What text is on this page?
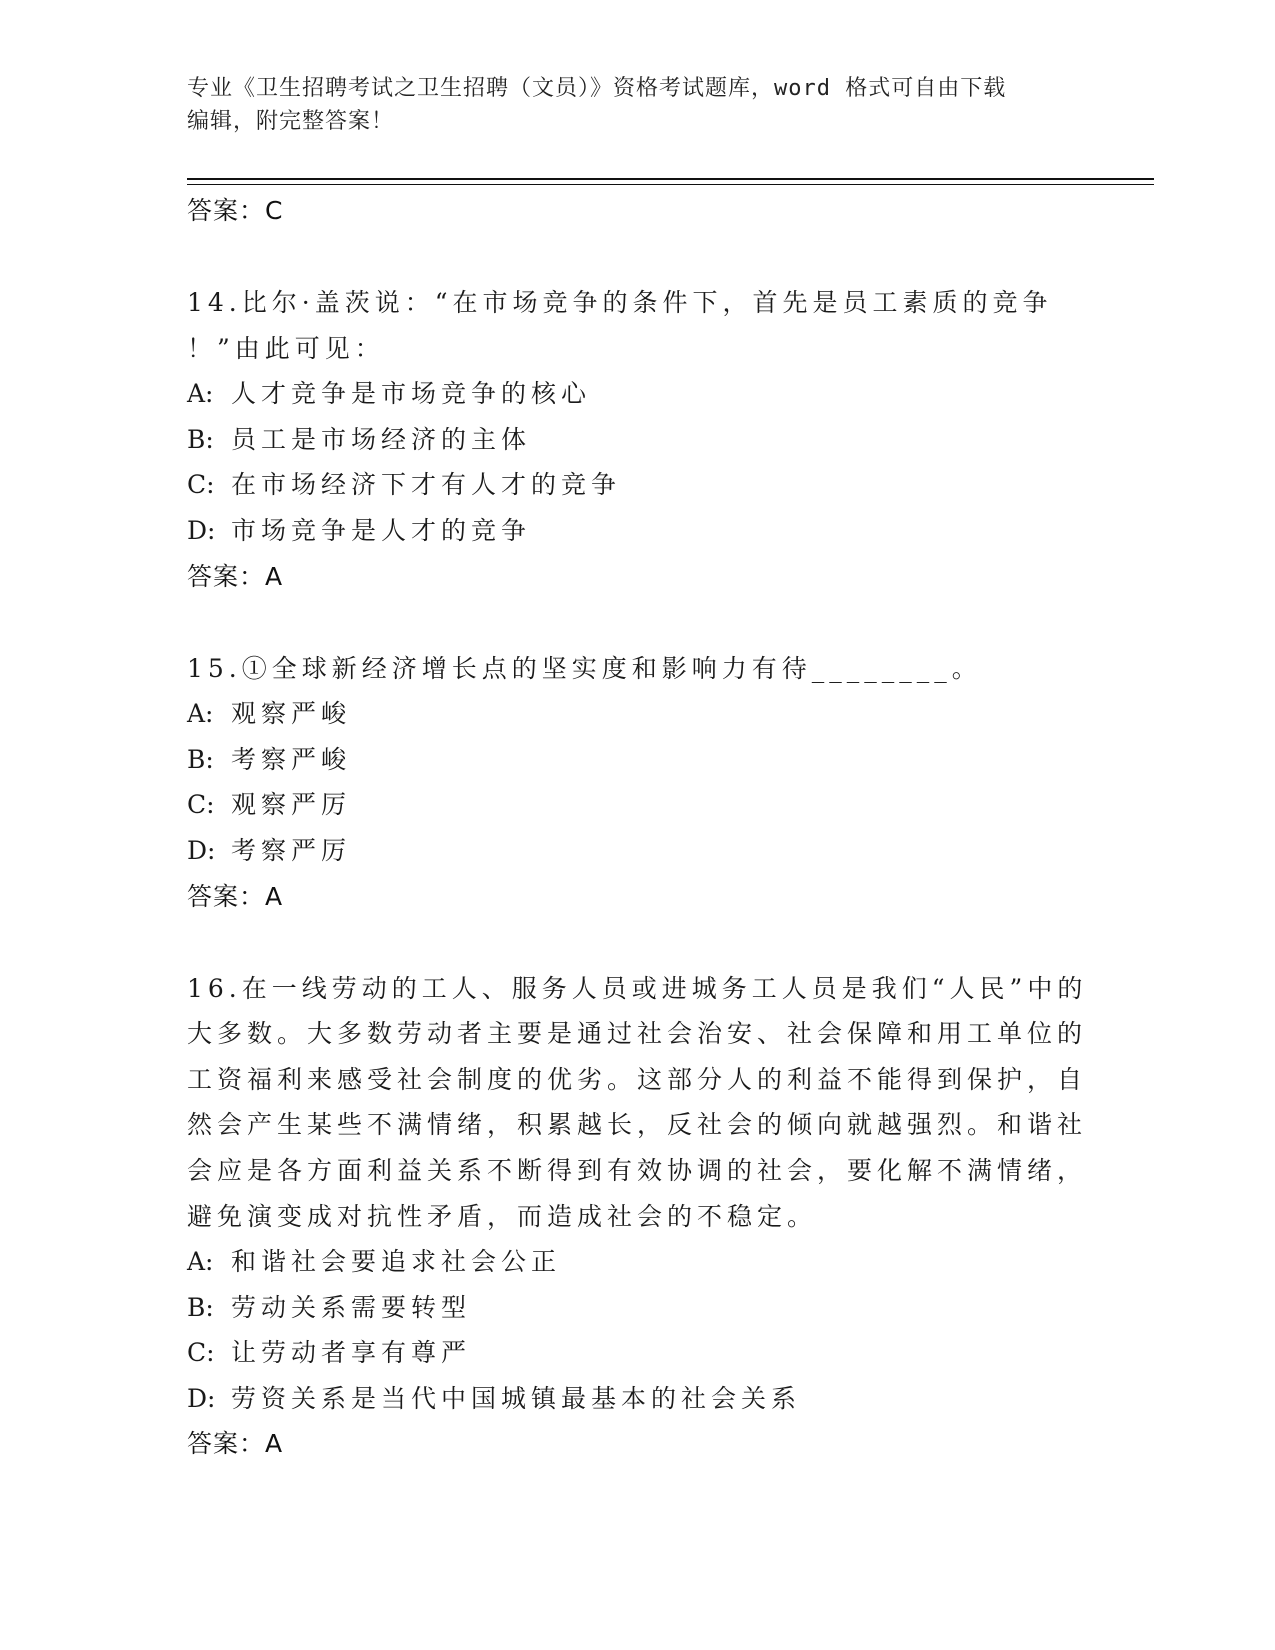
专业《卫生招聘考试之卫生招聘（文员）》资格考试题库，word 格式可自由下载
编辑，附完整答案！
答案：C
14.比尔·盖茨说：“在市场竞争的条件下，首先是员工素质的竞争
！”由此可见：
A: 人才竞争是市场竞争的核心
B: 员工是市场经济的主体
C: 在市场经济下才有人才的竞争
D: 市场竞争是人才的竞争
答案：A
15.①全球新经济增长点的坚实度和影响力有待________。
A: 观察严峻
B: 考察严峻
C: 观察严厉
D: 考察严厉
答案：A
16.在一线劳动的工人、服务人员或进城务工人员是我们“人民”中的
大多数。大多数劳动者主要是通过社会治安、社会保障和用工单位的
工资福利来感受社会制度的优劣。这部分人的利益不能得到保护，自
然会产生某些不满情绪，积累越长，反社会的倾向就越强烈。和谐社
会应是各方面利益关系不断得到有效协调的社会，要化解不满情绪，
避免演变成对抗性矛盾，而造成社会的不稳定。
A: 和谐社会要追求社会公正
B: 劳动关系需要转型
C: 让劳动者享有尊严
D: 劳资关系是当代中国城镇最基本的社会关系
答案：A
